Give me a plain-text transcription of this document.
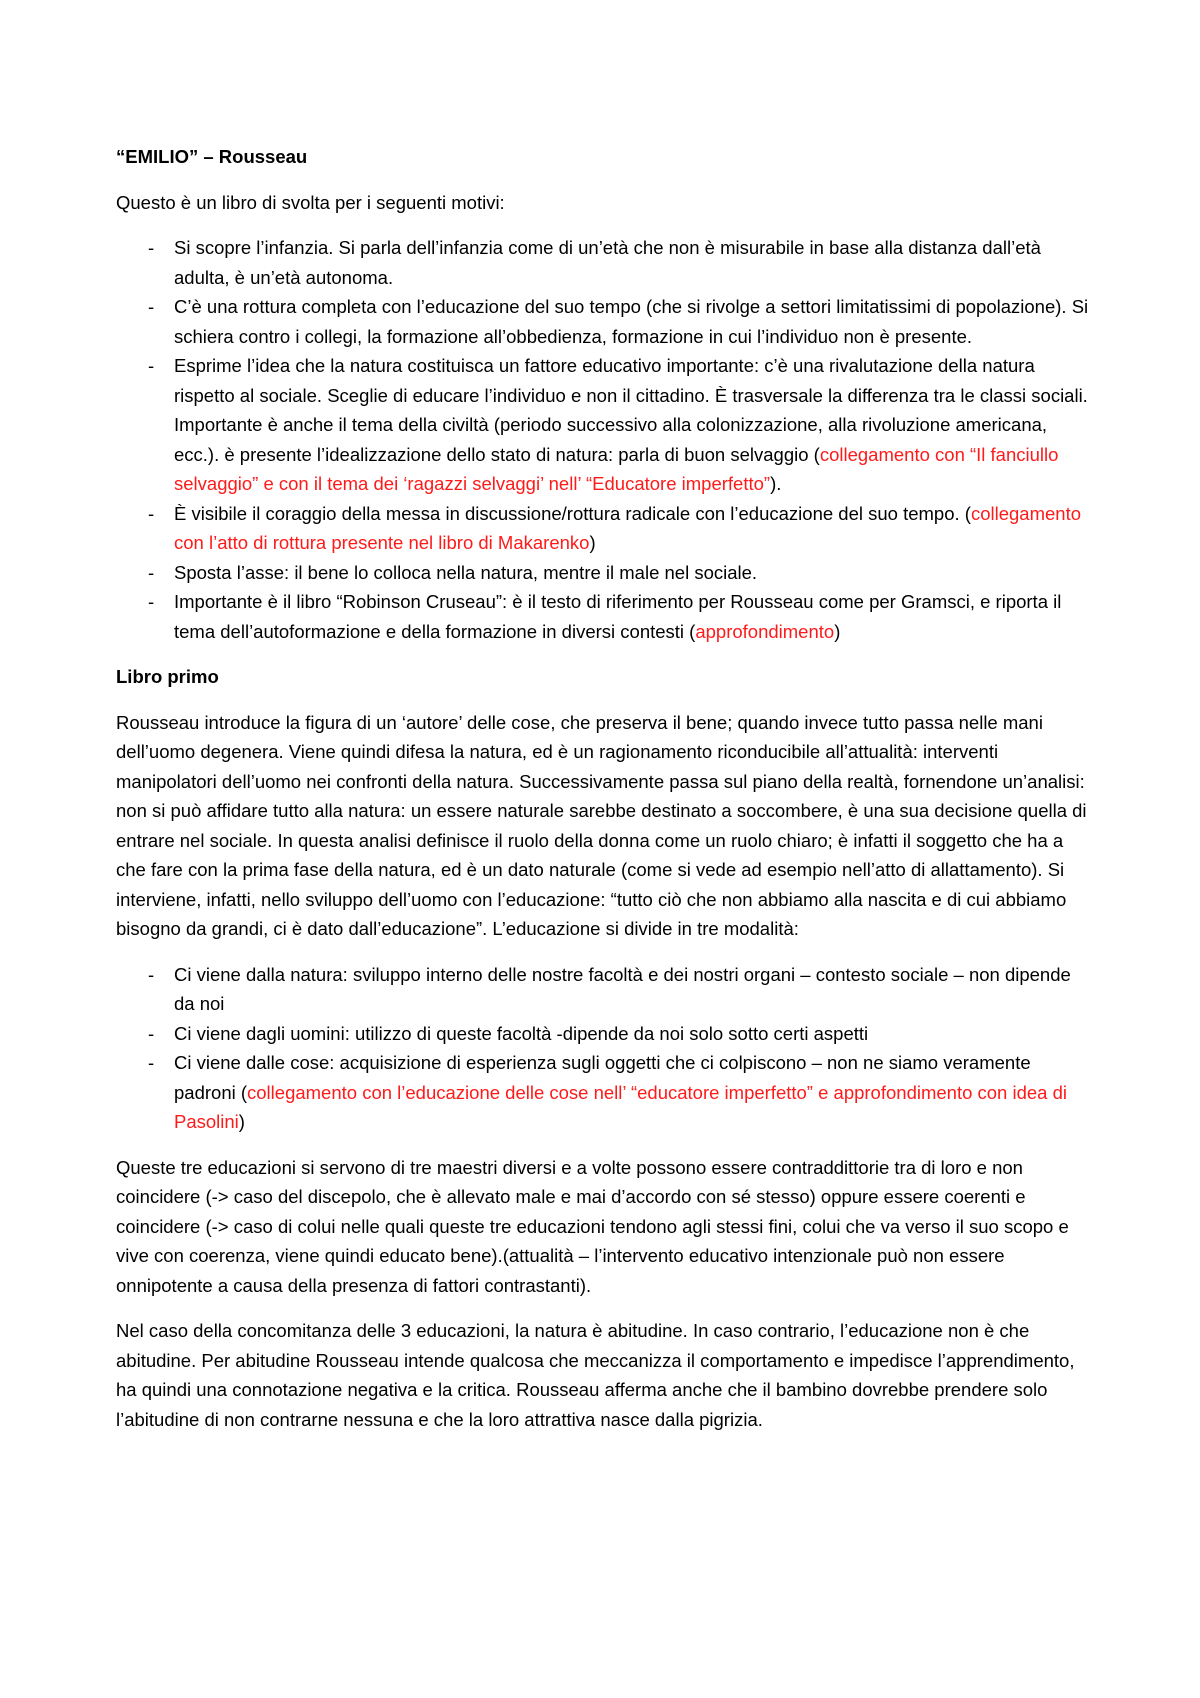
“EMILIO” – Rousseau

Questo è un libro di svolta per i seguenti motivi:

- Si scopre l’infanzia. Si parla dell’infanzia come di un’età che non è misurabile in base alla distanza dall’età adulta, è un’età autonoma.
- C’è una rottura completa con l’educazione del suo tempo (che si rivolge a settori limitatissimi di popolazione). Si schiera contro i collegi, la formazione all’obbedienza, formazione in cui l’individuo non è presente.
- Esprime l’idea che la natura costituisca un fattore educativo importante: c’è una rivalutazione della natura rispetto al sociale. Sceglie di educare l’individuo e non il cittadino. È trasversale la differenza tra le classi sociali. Importante è anche il tema della civiltà (periodo successivo alla colonizzazione, alla rivoluzione americana, ecc.). è presente l’idealizzazione dello stato di natura: parla di buon selvaggio (collegamento con “Il fanciullo selvaggio” e con il tema dei ‘ragazzi selvaggi’ nell’ “Educatore imperfetto”).
- È visibile il coraggio della messa in discussione/rottura radicale con l’educazione del suo tempo. (collegamento con l’atto di rottura presente nel libro di Makarenko)
- Sposta l’asse: il bene lo colloca nella natura, mentre il male nel sociale.
- Importante è il libro “Robinson Cruseau”: è il testo di riferimento per Rousseau come per Gramsci, e riporta il tema dell’autoformazione e della formazione in diversi contesti (approfondimento)

Libro primo

Rousseau introduce la figura di un ‘autore’ delle cose, che preserva il bene; quando invece tutto passa nelle mani dell’uomo degenera. Viene quindi difesa la natura, ed è un ragionamento riconducibile all’attualità: interventi manipolatori dell’uomo nei confronti della natura. Successivamente passa sul piano della realtà, fornendone un’analisi: non si può affidare tutto alla natura: un essere naturale sarebbe destinato a soccombere, è una sua decisione quella di entrare nel sociale. In questa analisi definisce il ruolo della donna come un ruolo chiaro; è infatti il soggetto che ha a che fare con la prima fase della natura, ed è un dato naturale (come si vede ad esempio nell’atto di allattamento). Si interviene, infatti, nello sviluppo dell’uomo con l’educazione: “tutto ciò che non abbiamo alla nascita e di cui abbiamo bisogno da grandi, ci è dato dall’educazione”. L’educazione si divide in tre modalità:

- Ci viene dalla natura: sviluppo interno delle nostre facoltà e dei nostri organi – contesto sociale – non dipende da noi
- Ci viene dagli uomini: utilizzo di queste facoltà -dipende da noi solo sotto certi aspetti
- Ci viene dalle cose: acquisizione di esperienza sugli oggetti che ci colpiscono – non ne siamo veramente padroni (collegamento con l’educazione delle cose nell’ “educatore imperfetto” e approfondimento con idea di Pasolini)

Queste tre educazioni si servono di tre maestri diversi e a volte possono essere contraddittorie tra di loro e non coincidere (-> caso del discepolo, che è allevato male e mai d’accordo con sé stesso) oppure essere coerenti e coincidere (-> caso di colui nelle quali queste tre educazioni tendono agli stessi fini, colui che va verso il suo scopo e vive con coerenza, viene quindi educato bene).(attualità – l’intervento educativo intenzionale può non essere onnipotente a causa della presenza di fattori contrastanti).

Nel caso della concomitanza delle 3 educazioni, la natura è abitudine. In caso contrario, l’educazione non è che abitudine. Per abitudine Rousseau intende qualcosa che meccanizza il comportamento e impedisce l’apprendimento, ha quindi una connotazione negativa e la critica. Rousseau afferma anche che il bambino dovrebbe prendere solo l’abitudine di non contrarne nessuna e che la loro attrattiva nasce dalla pigrizia.
